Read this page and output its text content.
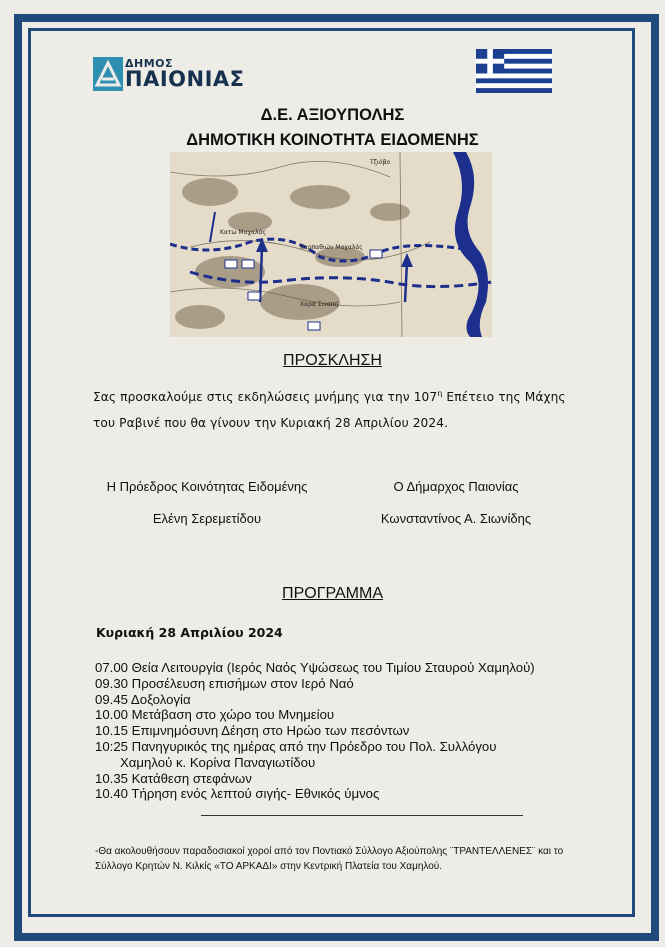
ΔΗΜΟΣ
ΠΑΙΟΝΙΑΣ
Δ.Ε. ΑΞΙΟΥΠΟΛΗΣ
ΔΗΜΟΤΙΚΗ ΚΟΙΝΟΤΗΤΑ ΕΙΔΟΜΕΝΗΣ
Τζιόβο
Καρπαθιών Μαχαλάς
Κατω Μαχαλάς
Χαρά Σιναπή
ΠΡΟΣΚΛΗΣΗ
Σας προσκαλούμε στις εκδηλώσεις μνήμης για την $107^\eta$ Επέτειο της Μάχης του Ραβινέ που θα γίνουν την Κυριακή 28 Απριλίου 2024.
Η Πρόεδρος Κοινότητας Ειδομένης
Ελένη Σερεμετίδου
Ο Δήμαρχος Παιονίας
Κωνσταντίνος Α. Σιωνίδης
ΠΡΟΓΡΑΜΜΑ
Κυριακή 28 Απριλίου 2024
07.00 Θεία Λειτουργία (Ιερός Ναός Υψώσεως του Τιμίου Σταυρού Χαμηλού)
09.30 Προσέλευση επισήμων στον Ιερό Ναό
09.45 Δοξολογία
10.00 Μετάβαση στο χώρο του Μνημείου
10.15 Επιμνημόσυνη Δέηση στο Ηρώο των πεσόντων
10:25 Πανηγυρικός της ημέρας από την Πρόεδρο του Πολ. Συλλόγου
Χαμηλού κ. Κορίνα Παναγιωτίδου
10.35 Κατάθεση στεφάνων
10.40 Τήρηση ενός λεπτού σιγής- Εθνικός ύμνος
-Θα ακολουθήσουν παραδοσιακοί χοροί από τον Ποντιακό Σύλλογο Αξιούπολης ¨ΤΡΑΝΤΕΛΛΕΝΕΣ¨ και το Σύλλογο Κρητών Ν. Κιλκίς «ΤΟ ΑΡΚΑΔΙ» στην Κεντρική Πλατεία του Χαμηλού.
